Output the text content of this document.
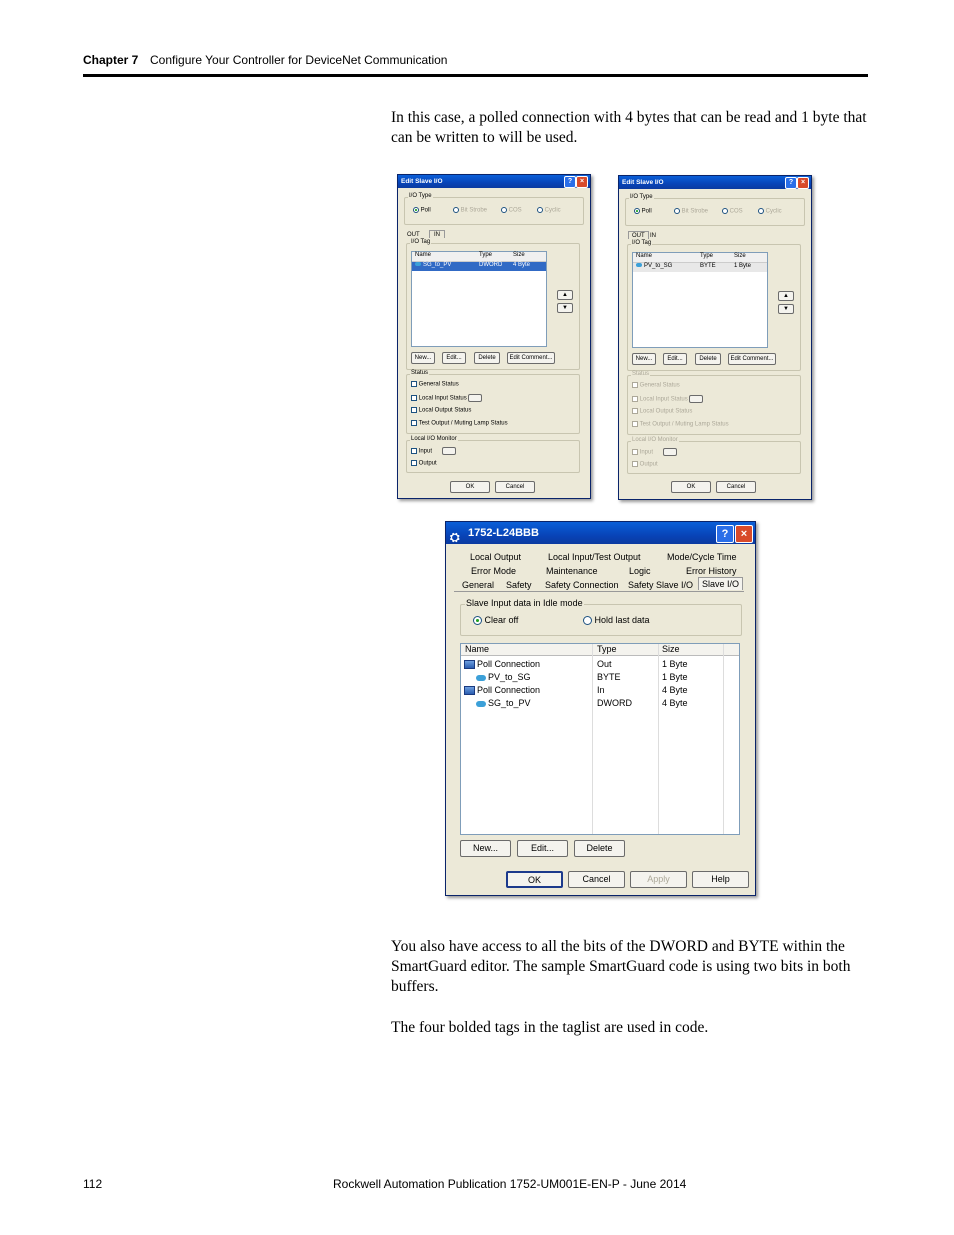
Chapter 7 Configure Your Controller for DeviceNet Communication
In this case, a polled connection with 4 bytes that can be read and 1 byte that can be written to will be used.
Edit Slave I/O	?	×
I/O Type
Poll	Bit Strobe	COS	Cyclic
OUT	IN
I/O Tag
Name	Type	Size
SG_to_PV	DWORD 4 Byte
▲
▼
New...	Edit...	Delete	Edit Comment...
Status
General Status
Local Input Status
Local Output Status
Test Output / Muting Lamp Status
Local I/O Monitor
Input
Output
OK	Cancel
Edit Slave I/O	?	×
I/O Type
Poll	Bit Strobe	COS	Cyclic
OUT IN
I/O Tag
Name	Type	Size
PV_to_SG	BYTE	1 Byte
▲
▼
New...	Edit...	Delete	Edit Comment...
Status
General Status
Local Input Status
Local Output Status
Test Output / Muting Lamp Status
Local I/O Monitor
Input
Output
OK	Cancel
⛭ 1752-L24BBB	?	×
Local Output	Local Input/Test Output	Mode/Cycle Time
Error Mode	Maintenance	Logic	Error History
General Safety Safety Connection Safety Slave I/O Slave I/O
Slave Input data in Idle mode
Clear off	Hold last data
Name	Type	Size
Poll Connection	Out	1 Byte
PV_to_SG	BYTE	1 Byte
Poll Connection	In	4 Byte
SG_to_PV	DWORD	4 Byte
New...	Edit...	Delete
OK	Cancel	Apply	Help
You also have access to all the bits of the DWORD and BYTE within the SmartGuard editor. The sample SmartGuard code is using two bits in both buffers.
The four bolded tags in the taglist are used in code.
112	Rockwell Automation Publication 1752-UM001E-EN-P - June 2014
